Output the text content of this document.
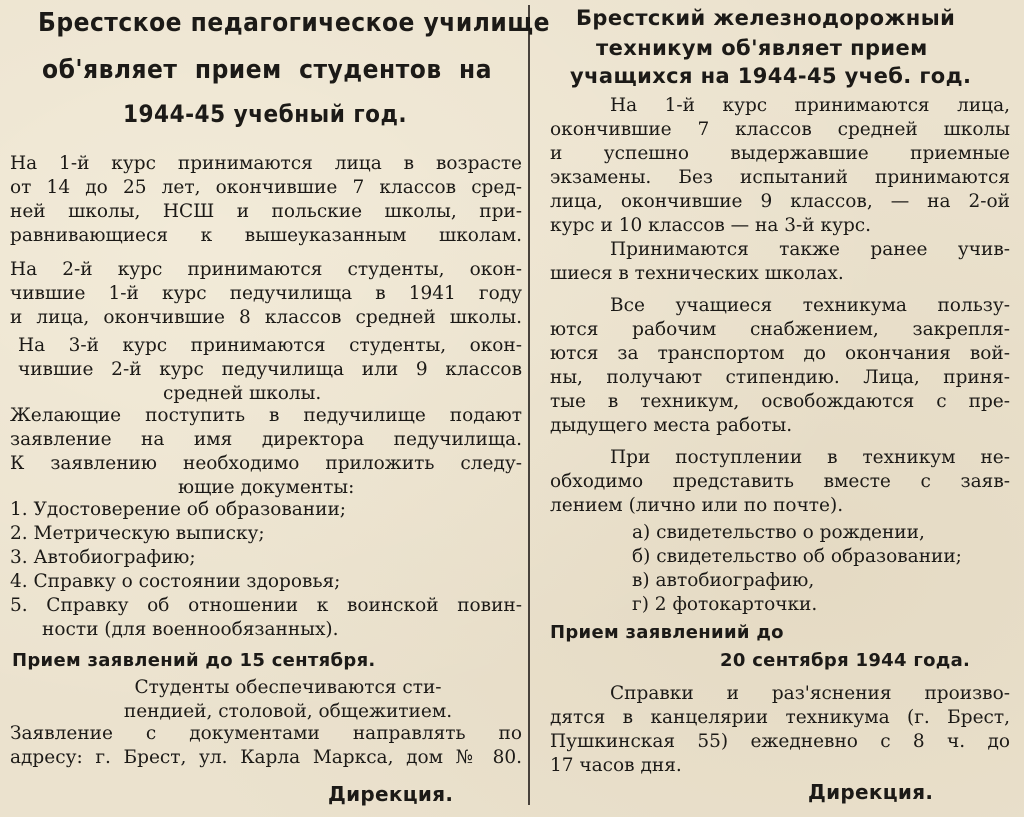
Брестское педагогическое училище
об'являет прием студентов на
1944-45 учебный год.
На 1-й курс принимаются лица в возрасте
от 14 до 25 лет, окончившие 7 классов сред-
ней школы, НСШ и польские школы, при-
равнивающиеся к вышеуказанным школам.
На 2-й курс принимаются студенты, окон-
чившие 1-й курс педучилища в 1941 году
и лица, окончившие 8 классов средней школы.
На 3-й курс принимаются студенты, окон-
чившие 2-й курс педучилища или 9 классов
средней школы.
Желающие поступить в педучилище подают
заявление на имя директора педучилища.
К заявлению необходимо приложить следу-
ющие документы:
1. Удостоверение об образовании;
2. Метрическую выписку;
3. Автобиографию;
4. Справку о состоянии здоровья;
5. Справку об отношении к воинской повин-
ности (для военнообязанных).
Прием заявлений до 15 сентября.
Студенты обеспечиваются сти-
пендией, столовой, общежитием.
Заявление с документами направлять по
адресу: г. Брест, ул. Карла Маркса, дом № 80.
Дирекция.
Брестский железнодорожный
техникум об'являет прием
учащихся на 1944-45 учеб. год.
На 1-й курс принимаются лица,
окончившие 7 классов средней школы
и успешно выдержавшие приемные
экзамены. Без испытаний принимаются
лица, окончившие 9 классов, — на 2-ой
курс и 10 классов — на 3-й курс.
Принимаются также ранее учив-
шиеся в технических школах.
Все учащиеся техникума пользу-
ются рабочим снабжением, закрепля-
ются за транспортом до окончания вой-
ны, получают стипендию. Лица, приня-
тые в техникум, освобождаются с пре-
дыдущего места работы.
При поступлении в техникум не-
обходимо представить вместе с заяв-
лением (лично или по почте).
а) свидетельство о рождении,
б) свидетельство об образовании;
в) автобиографию,
г) 2 фотокарточки.
Прием заявлениий до
20 сентября 1944 года.
Справки и раз'яснения произво-
дятся в канцелярии техникума (г. Брест,
Пушкинская 55) ежедневно с 8 ч. до
17 часов дня.
Дирекция.
